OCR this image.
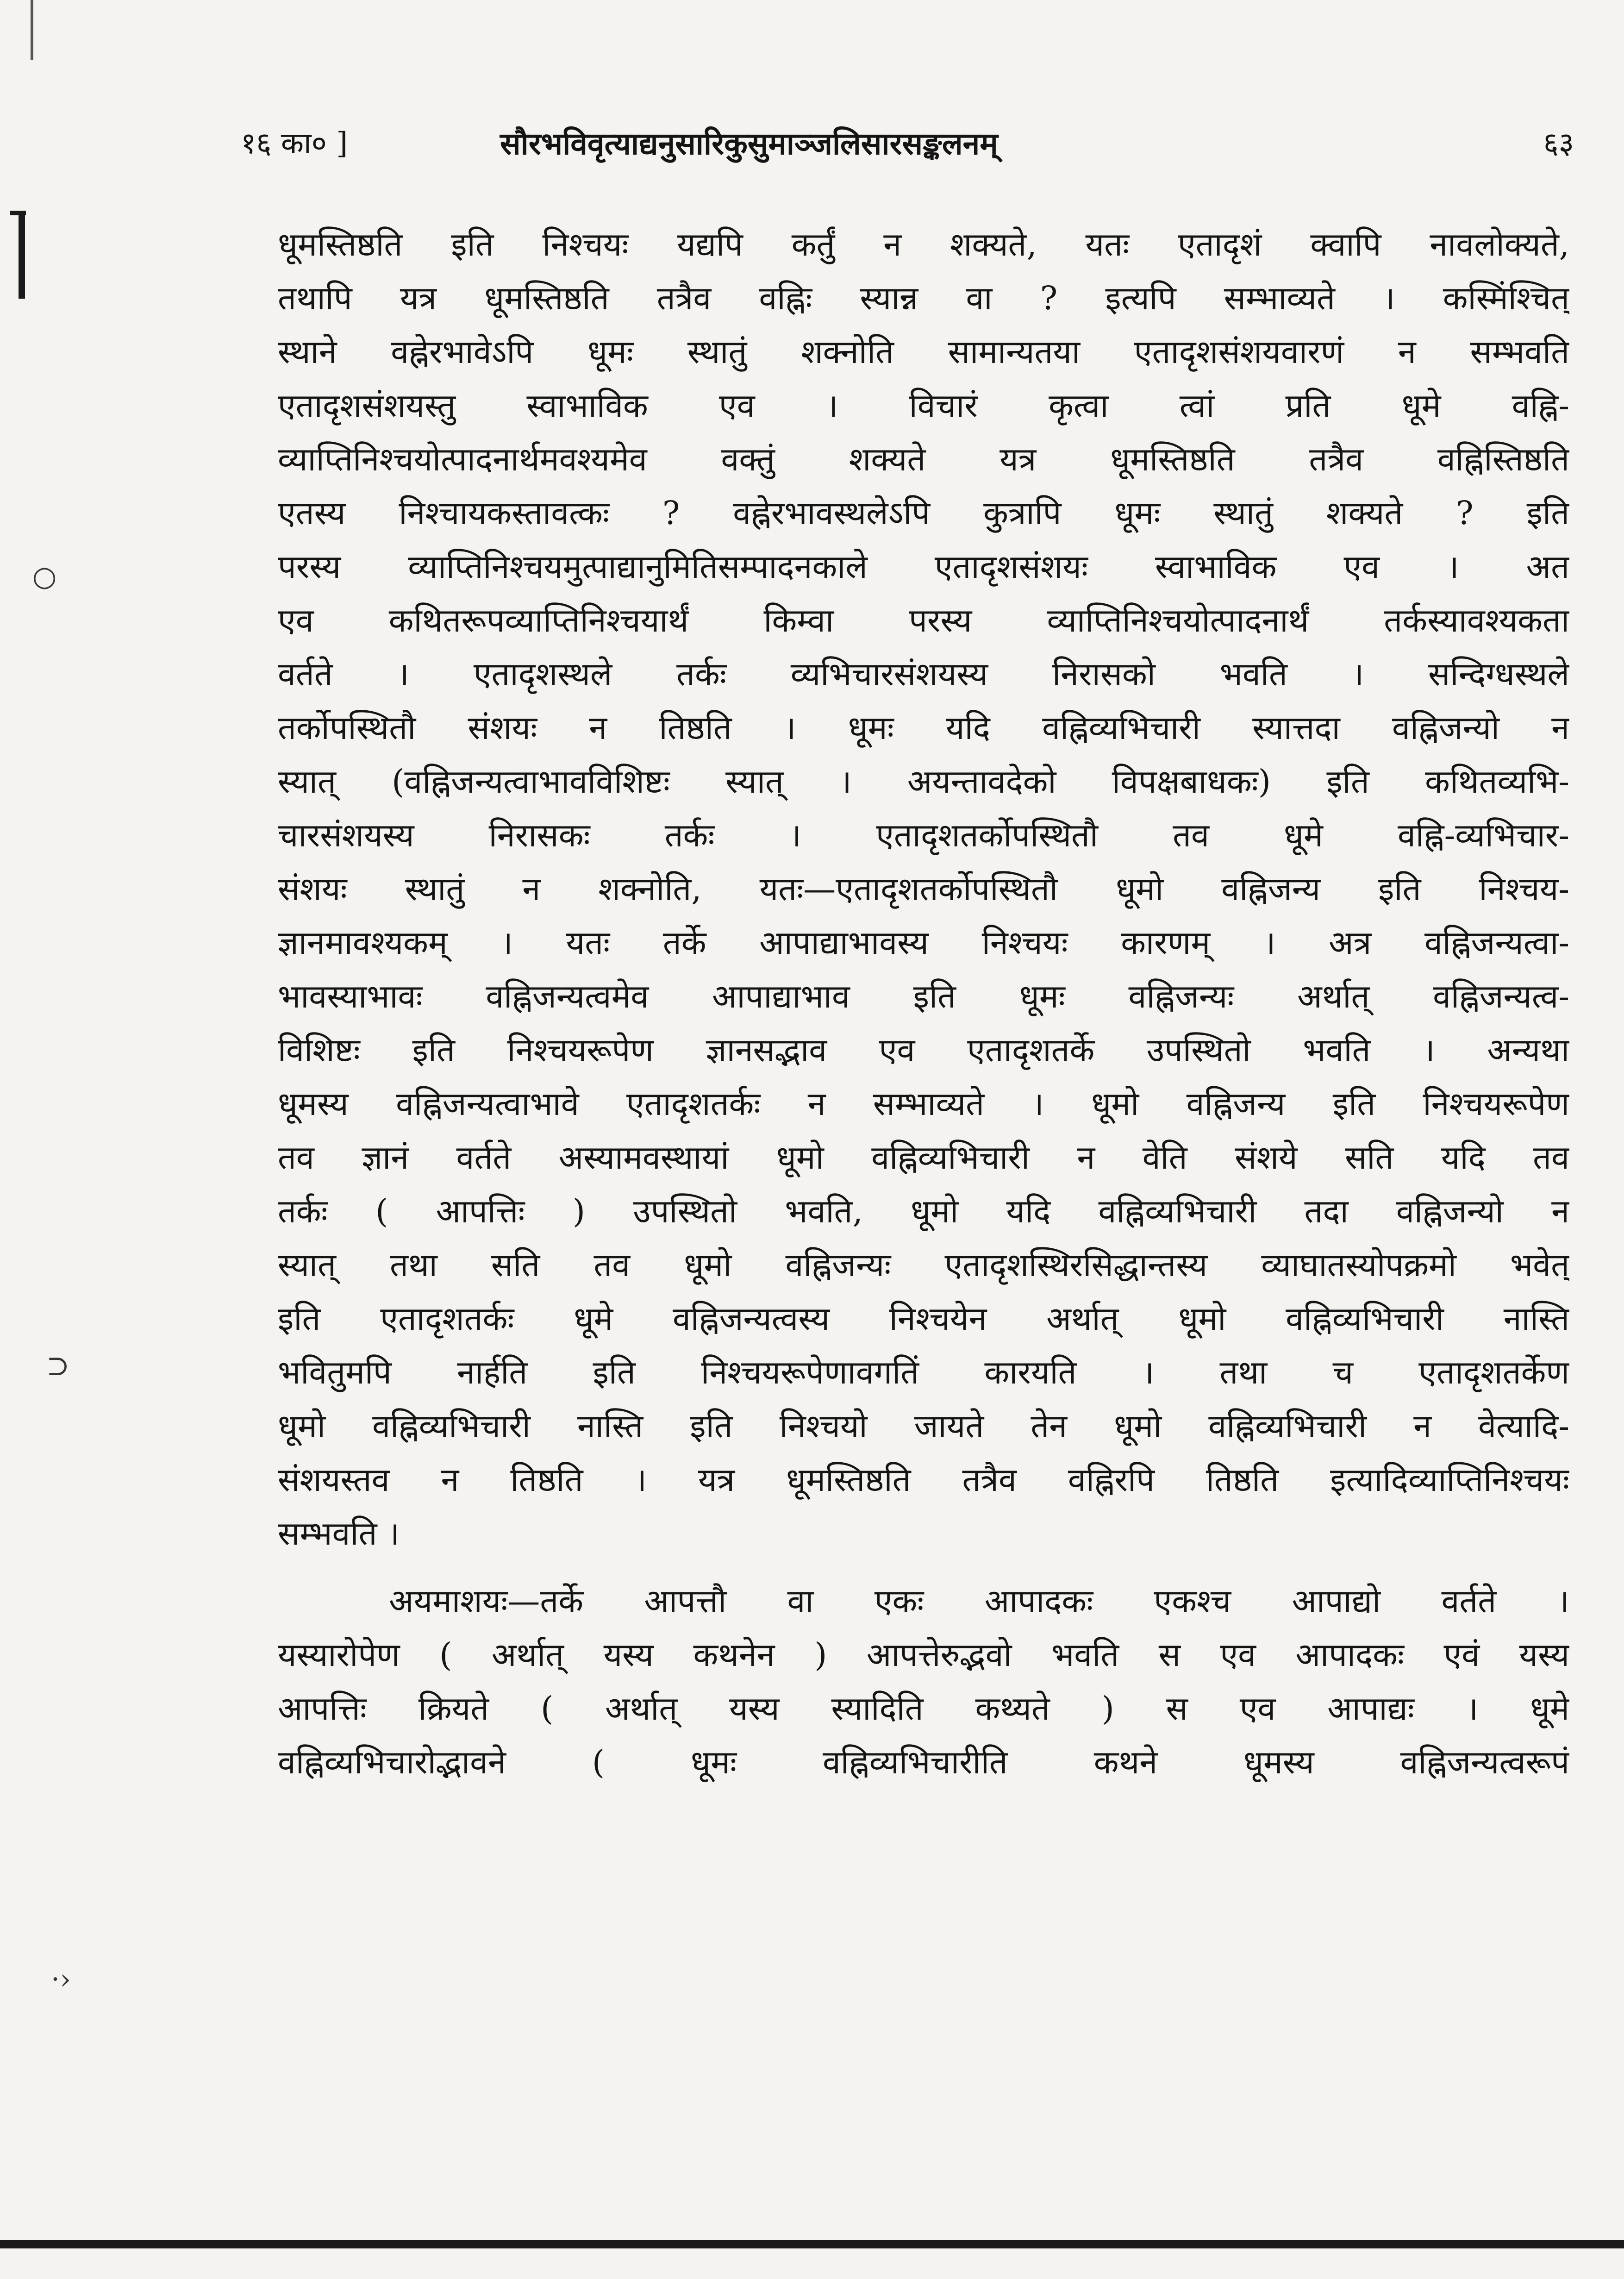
○
⊃
·›
१६ का० ]	सौरभविवृत्याद्यनुसारिकुसुमाञ्जलिसारसङ्कलनम्	६३
धूमस्तिष्ठति इति निश्चयः यद्यपि कर्तुं न शक्यते, यतः एतादृशं क्वापि नावलोक्यते,
तथापि यत्र धूमस्तिष्ठति तत्रैव वह्निः स्यान्न वा ? इत्यपि सम्भाव्यते । कस्मिंश्चित्
स्थाने वह्नेरभावेऽपि धूमः स्थातुं शक्नोति सामान्यतया एतादृशसंशयवारणं न सम्भवति
एतादृशसंशयस्तु स्वाभाविक एव । विचारं कृत्वा त्वां प्रति धूमे वह्नि-
व्याप्तिनिश्चयोत्पादनार्थमवश्यमेव वक्तुं शक्यते यत्र धूमस्तिष्ठति तत्रैव वह्निस्तिष्ठति
एतस्य निश्चायकस्तावत्कः ? वह्नेरभावस्थलेऽपि कुत्रापि धूमः स्थातुं शक्यते ? इति
परस्य व्याप्तिनिश्चयमुत्पाद्यानुमितिसम्पादनकाले एतादृशसंशयः स्वाभाविक एव । अत
एव कथितरूपव्याप्तिनिश्चयार्थं किम्वा परस्य व्याप्तिनिश्चयोत्पादनार्थं तर्कस्यावश्यकता
वर्तते । एतादृशस्थले तर्कः व्यभिचारसंशयस्य निरासको भवति । सन्दिग्धस्थले
तर्कोपस्थितौ संशयः न तिष्ठति । धूमः यदि वह्निव्यभिचारी स्यात्तदा वह्निजन्यो न
स्यात् (वह्निजन्यत्वाभावविशिष्टः स्यात् । अयन्तावदेको विपक्षबाधकः) इति कथितव्यभि-
चारसंशयस्य निरासकः तर्कः । एतादृशतर्कोपस्थितौ तव धूमे वह्नि-व्यभिचार-
संशयः स्थातुं न शक्नोति, यतः—एतादृशतर्कोपस्थितौ धूमो वह्निजन्य इति निश्चय-
ज्ञानमावश्यकम् । यतः तर्के आपाद्याभावस्य निश्चयः कारणम् । अत्र वह्निजन्यत्वा-
भावस्याभावः वह्निजन्यत्वमेव आपाद्याभाव इति धूमः वह्निजन्यः अर्थात् वह्निजन्यत्व-
विशिष्टः इति निश्चयरूपेण ज्ञानसद्भाव एव एतादृशतर्के उपस्थितो भवति । अन्यथा
धूमस्य वह्निजन्यत्वाभावे एतादृशतर्कः न सम्भाव्यते । धूमो वह्निजन्य इति निश्चयरूपेण
तव ज्ञानं वर्तते अस्यामवस्थायां धूमो वह्निव्यभिचारी न वेति संशये सति यदि तव
तर्कः ( आपत्तिः ) उपस्थितो भवति, धूमो यदि वह्निव्यभिचारी तदा वह्निजन्यो न
स्यात् तथा सति तव धूमो वह्निजन्यः एतादृशस्थिरसिद्धान्तस्य व्याघातस्योपक्रमो भवेत्
इति एतादृशतर्कः धूमे वह्निजन्यत्वस्य निश्चयेन अर्थात् धूमो वह्निव्यभिचारी नास्ति
भवितुमपि नार्हति इति निश्चयरूपेणावगतिं कारयति । तथा च एतादृशतर्केण
धूमो वह्निव्यभिचारी नास्ति इति निश्चयो जायते तेन धूमो वह्निव्यभिचारी न वेत्यादि-
संशयस्तव न तिष्ठति । यत्र धूमस्तिष्ठति तत्रैव वह्निरपि तिष्ठति इत्यादिव्याप्तिनिश्चयः
सम्भवति ।
अयमाशयः—तर्के आपत्तौ वा एकः आपादकः एकश्च आपाद्यो वर्तते ।
यस्यारोपेण ( अर्थात् यस्य कथनेन ) आपत्तेरुद्भवो भवति स एव आपादकः एवं यस्य
आपत्तिः क्रियते ( अर्थात् यस्य स्यादिति कथ्यते ) स एव आपाद्यः । धूमे
वह्निव्यभिचारोद्भावने ( धूमः वह्निव्यभिचारीति कथने धूमस्य वह्निजन्यत्वरूपं
